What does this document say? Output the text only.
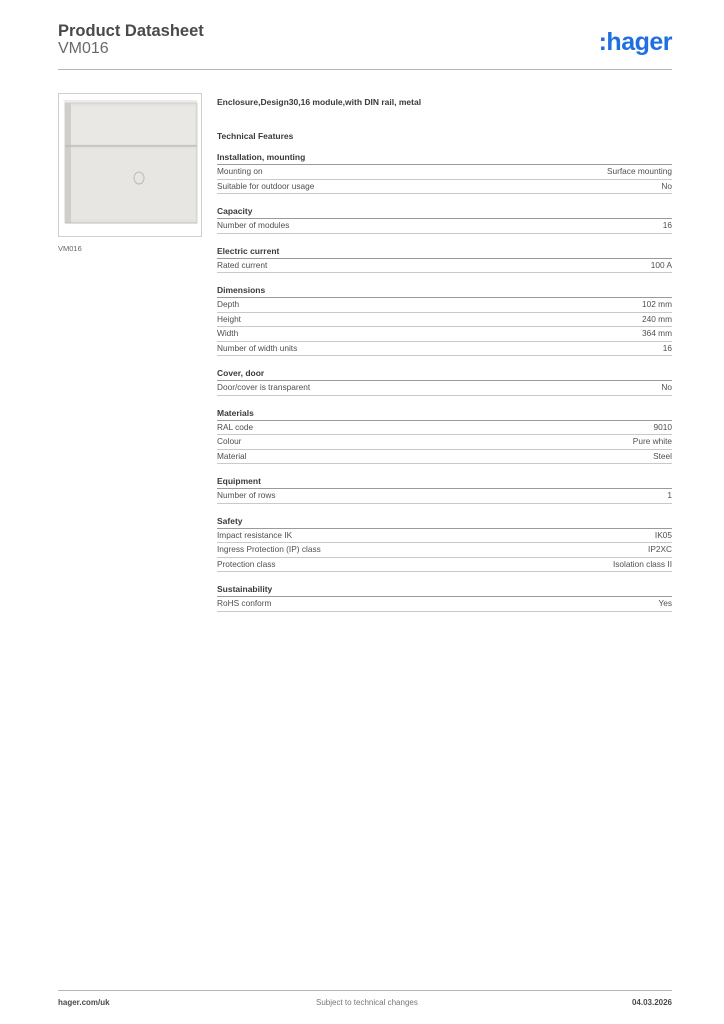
Product Datasheet
VM016	:hager
VM016
Enclosure,Design30,16 module,with DIN rail, metal
Technical Features
Installation, mounting
Mounting on	Surface mounting
Suitable for outdoor usage	No
Capacity
Number of modules	16
Electric current
Rated current	100 A
Dimensions
Depth	102 mm
Height	240 mm
Width	364 mm
Number of width units	16
Cover, door
Door/cover is transparent	No
Materials
RAL code	9010
Colour	Pure white
Material	Steel
Equipment
Number of rows	1
Safety
Impact resistance IK	IK05
Ingress Protection (IP) class	IP2XC
Protection class	Isolation class II
Sustainability
RoHS conform	Yes
hager.com/uk	Subject to technical changes	04.03.2026
